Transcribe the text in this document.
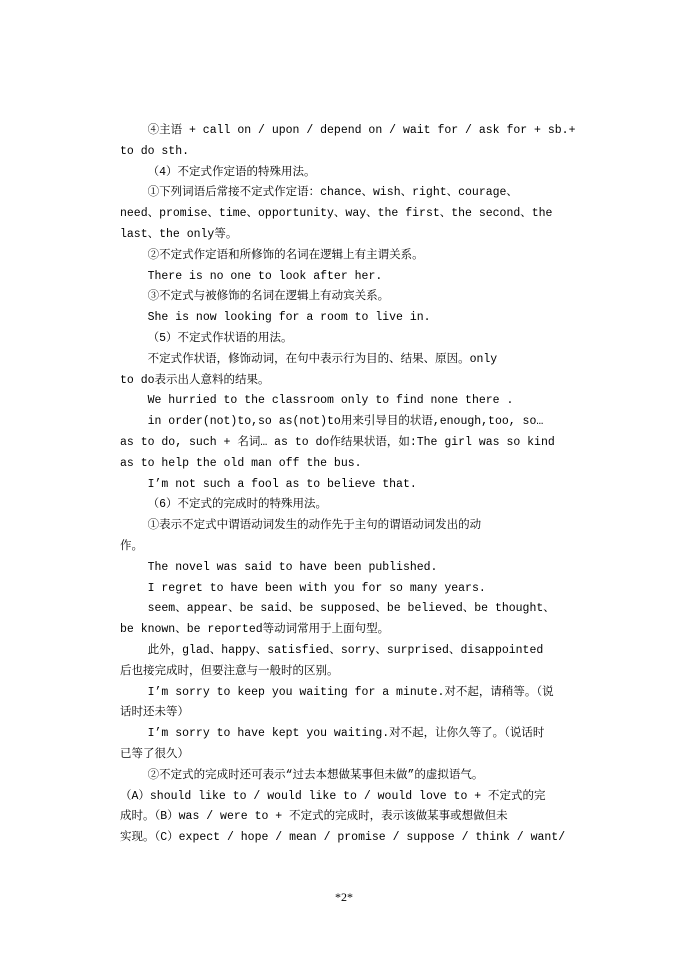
④主语 + call on / upon / depend on / wait for / ask for + sb.+
to do sth.
（4）不定式作定语的特殊用法。
①下列词语后常接不定式作定语：chance、wish、right、courage、
need、promise、time、opportunity、way、the first、the second、the
last、the only等。
②不定式作定语和所修饰的名词在逻辑上有主谓关系。
There is no one to look after her.
③不定式与被修饰的名词在逻辑上有动宾关系。
She is now looking for a room to live in.
（5）不定式作状语的用法。
不定式作状语，修饰动词，在句中表示行为目的、结果、原因。only
to do表示出人意料的结果。
We hurried to the classroom only to find none there .
in order(not)to,so as(not)to用来引导目的状语,enough,too, so…
as to do, such + 名词… as to do作结果状语，如:The girl was so kind
as to help the old man off the bus.
I’m not such a fool as to believe that.
（6）不定式的完成时的特殊用法。
①表示不定式中谓语动词发生的动作先于主句的谓语动词发出的动
作。
The novel was said to have been published.
I regret to have been with you for so many years.
seem、appear、be said、be supposed、be believed、be thought、
be known、be reported等动词常用于上面句型。
此外，glad、happy、satisfied、sorry、surprised、disappointed
后也接完成时，但要注意与一般时的区别。
I’m sorry to keep you waiting for a minute.对不起，请稍等。（说
话时还未等）
I’m sorry to have kept you waiting.对不起，让你久等了。（说话时
已等了很久）
②不定式的完成时还可表示“过去本想做某事但未做”的虚拟语气。
（A）should like to / would like to / would love to + 不定式的完
成时。（B）was / were to + 不定式的完成时，表示该做某事或想做但未
实现。（C）expect / hope / mean / promise / suppose / think / want/
*2*
